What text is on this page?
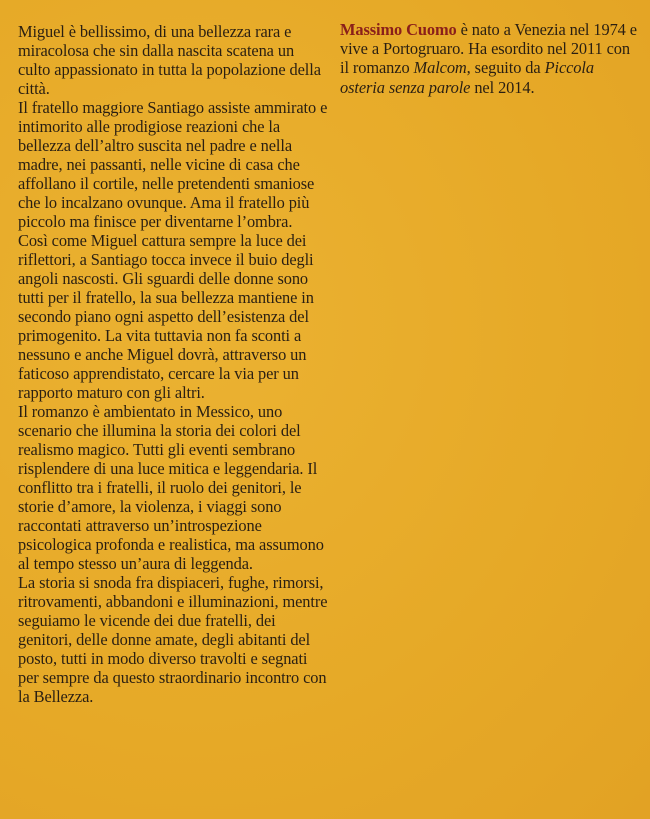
Miguel è bellissimo, di una bellezza rara e miracolosa che sin dalla nascita scatena un culto appassionato in tutta la popolazione della città.

Il fratello maggiore Santiago assiste ammirato e intimorito alle prodigiose reazioni che la bellezza dell’altro suscita nel padre e nella madre, nei passanti, nelle vicine di casa che affollano il cortile, nelle pretendenti smaniose che lo incalzano ovunque. Ama il fratello più piccolo ma finisce per diventarne l’ombra.

Così come Miguel cattura sempre la luce dei riflettori, a Santiago tocca invece il buio degli angoli nascosti. Gli sguardi delle donne sono tutti per il fratello, la sua bellezza mantiene in secondo piano ogni aspetto dell’esistenza del primogenito. La vita tuttavia non fa sconti a nessuno e anche Miguel dovrà, attraverso un faticoso apprendistato, cercare la via per un rapporto maturo con gli altri.

Il romanzo è ambientato in Messico, uno scenario che illumina la storia dei colori del realismo magico. Tutti gli eventi sembrano risplendere di una luce mitica e leggendaria. Il conflitto tra i fratelli, il ruolo dei genitori, le storie d’amore, la violenza, i viaggi sono raccontati attraverso un’introspezione psicologica profonda e realistica, ma assumono al tempo stesso un’aura di leggenda.

La storia si snoda fra dispiaceri, fughe, rimorsi, ritrovamenti, abbandoni e illuminazioni, mentre seguiamo le vicende dei due fratelli, dei genitori, delle donne amate, degli abitanti del posto, tutti in modo diverso travolti e segnati per sempre da questo straordinario incontro con la Bellezza.

Massimo Cuomo è nato a Venezia nel 1974 e vive a Portogruaro. Ha esordito nel 2011 con il romanzo Malcom, seguito da Piccola osteria senza parole nel 2014.
